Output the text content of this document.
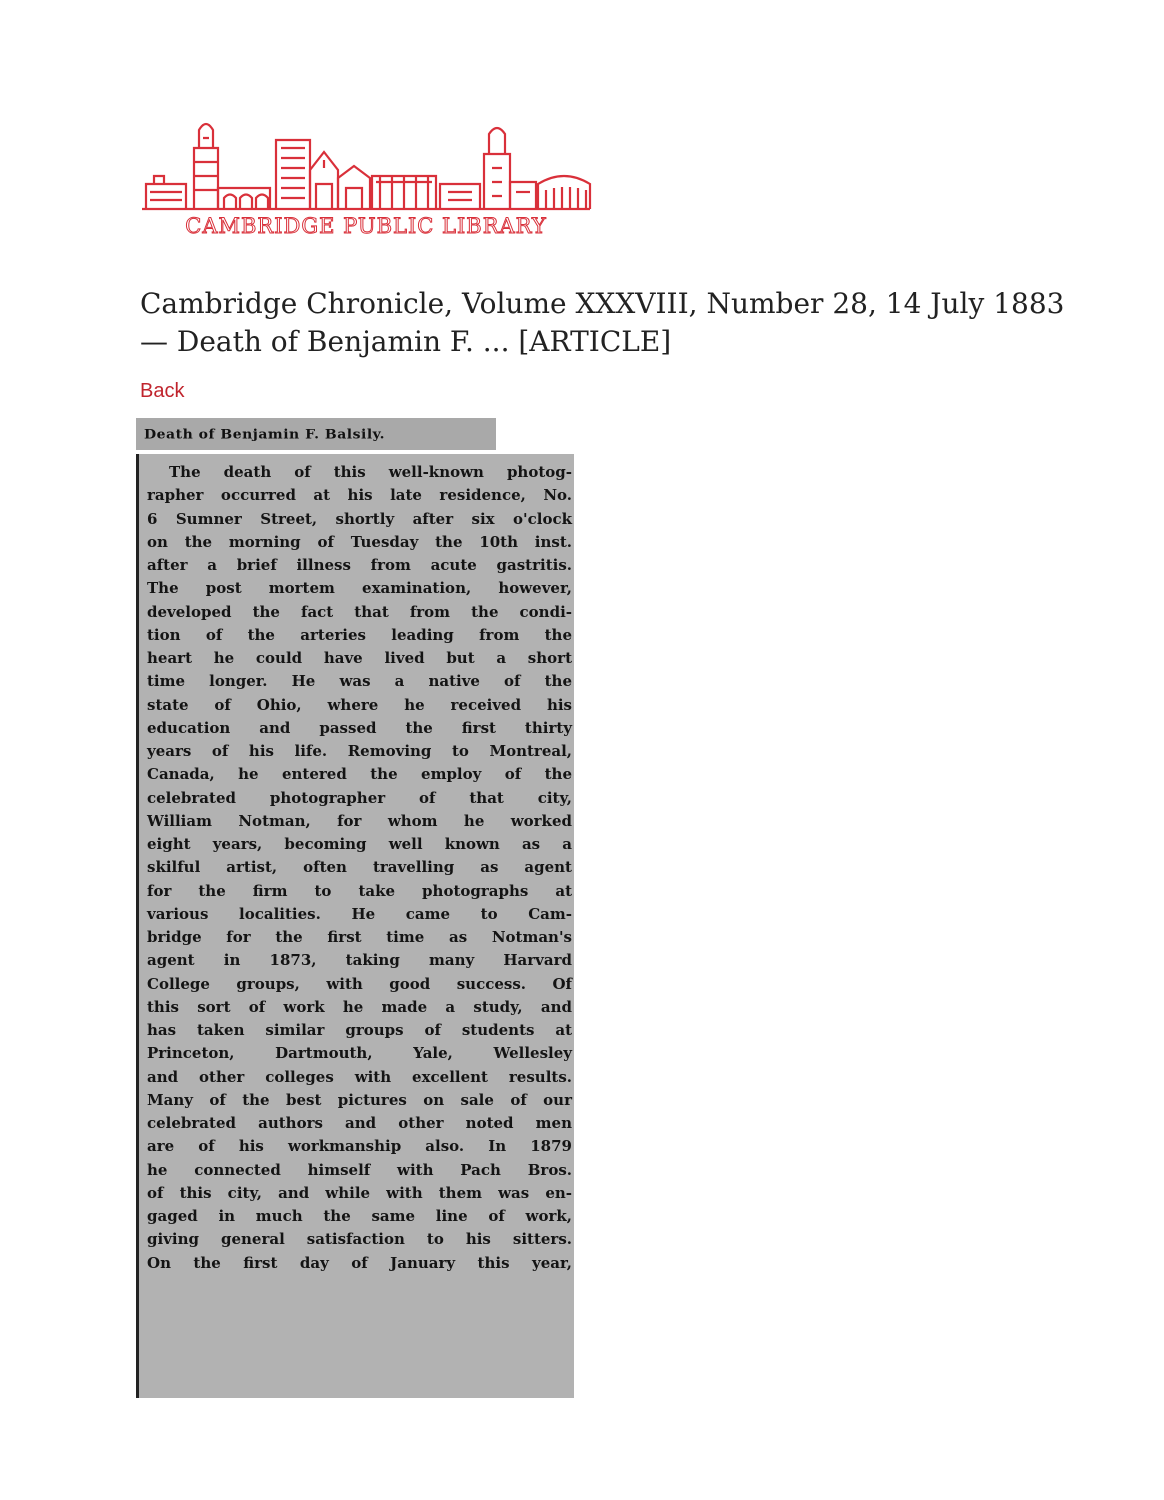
CAMBRIDGE PUBLIC LIBRARY
Cambridge Chronicle, Volume XXXVIII, Number 28, 14 July 1883 — Death of Benjamin F. ... [ARTICLE]
Back
Death of Benjamin F. Balsily.
The death of this well-known photog-
rapher occurred at his late residence, No.
6 Sumner Street, shortly after six o'clock
on the morning of Tuesday the 10th inst.
after a brief illness from acute gastritis.
The post mortem examination, however,
developed the fact that from the condi-
tion of the arteries leading from the
heart he could have lived but a short
time longer. He was a native of the
state of Ohio, where he received his
education and passed the first thirty
years of his life. Removing to Montreal,
Canada, he entered the employ of the
celebrated photographer of that city,
William Notman, for whom he worked
eight years, becoming well known as a
skilful artist, often travelling as agent
for the firm to take photographs at
various localities. He came to Cam-
bridge for the first time as Notman's
agent in 1873, taking many Harvard
College groups, with good success. Of
this sort of work he made a study, and
has taken similar groups of students at
Princeton, Dartmouth, Yale, Wellesley
and other colleges with excellent results.
Many of the best pictures on sale of our
celebrated authors and other noted men
are of his workmanship also. In 1879
he connected himself with Pach Bros.
of this city, and while with them was en-
gaged in much the same line of work,
giving general satisfaction to his sitters.
On the first day of January this year,
